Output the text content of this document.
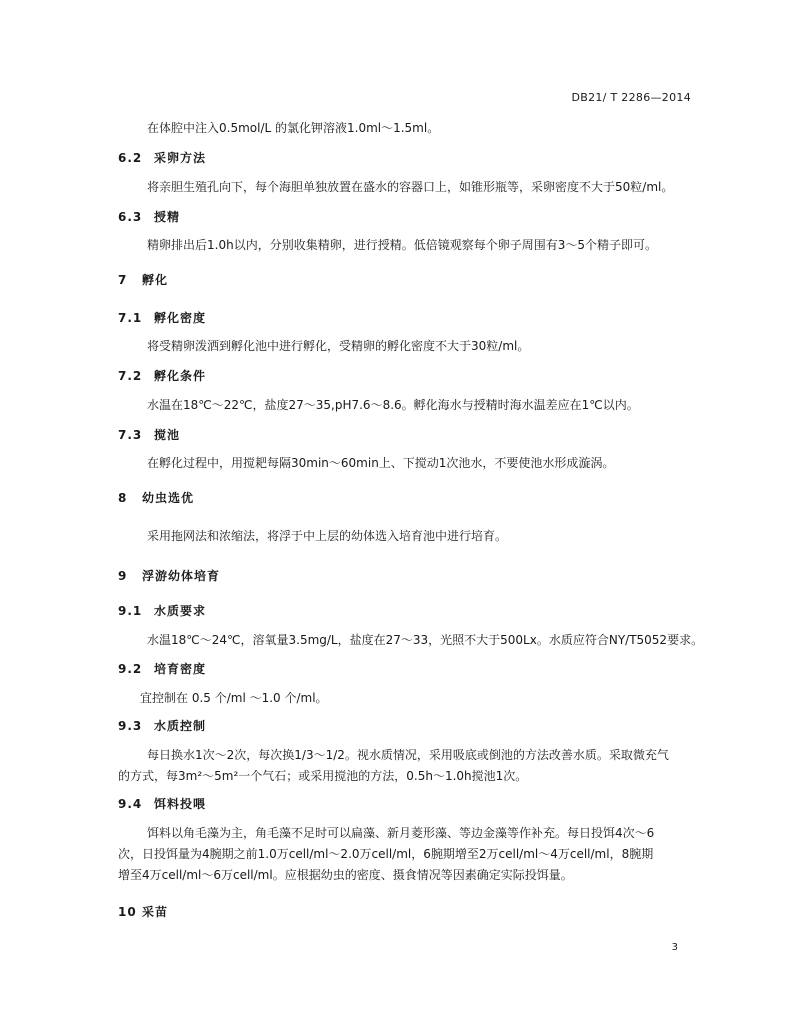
DB21/ T 2286—2014
在体腔中注入0.5mol/L 的氯化钾溶液1.0ml～1.5ml。
6.2 采卵方法
将亲胆生殖孔向下，每个海胆单独放置在盛水的容器口上，如锥形瓶等，采卵密度不大于50粒/ml。
6.3 授精
精卵排出后1.0h以内，分别收集精卵，进行授精。低倍镜观察每个卵子周围有3～5个精子即可。
7 孵化
7.1 孵化密度
将受精卵泼洒到孵化池中进行孵化，受精卵的孵化密度不大于30粒/ml。
7.2 孵化条件
水温在18℃～22℃，盐度27～35,pH7.6～8.6。孵化海水与授精时海水温差应在1℃以内。
7.3 搅池
在孵化过程中，用搅耙每隔30min～60min上、下搅动1次池水，不要使池水形成漩涡。
8 幼虫选优
采用拖网法和浓缩法，将浮于中上层的幼体选入培育池中进行培育。
9 浮游幼体培育
9.1 水质要求
水温18℃～24℃，溶氧量3.5mg/L，盐度在27～33，光照不大于500Lx。水质应符合NY/T5052要求。
9.2 培育密度
宜控制在 0.5 个/ml ～1.0 个/ml。
9.3 水质控制
每日换水1次～2次，每次换1/3～1/2。视水质情况，采用吸底或倒池的方法改善水质。采取微充气
的方式，每3m²～5m²一个气石；或采用搅池的方法，0.5h～1.0h搅池1次。
9.4 饵料投喂
饵料以角毛藻为主，角毛藻不足时可以扁藻、新月菱形藻、等边金藻等作补充。每日投饵4次～6
次，日投饵量为4腕期之前1.0万cell/ml～2.0万cell/ml，6腕期增至2万cell/ml～4万cell/ml，8腕期
增至4万cell/ml～6万cell/ml。应根据幼虫的密度、摄食情况等因素确定实际投饵量。
10 采苗
3
